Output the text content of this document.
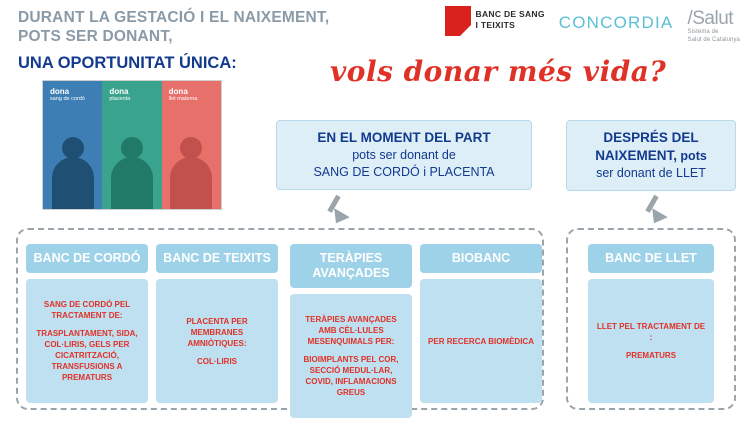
DURANT LA GESTACIÓ I EL NAIXEMENT,
POTS SER DONANT,
UNA OPORTUNITAT ÚNICA:
BANC DE SANG
I TEIXITS	CONCORDIA /Salut
Sistema de
Salut de Catalunya
vols donar més vida?
dona
sang de cordó
dona
placenta
dona
llet materna
EN EL MOMENT DEL PART
pots ser donant de
SANG DE CORDÓ i PLACENTA
DESPRÉS DEL
NAIXEMENT, pots
ser donant de LLET
BANC DE CORDÓ
SANG DE CORDÓ PEL TRACTAMENT DE:
TRASPLANTAMENT, SIDA, COL·LIRIS, GELS PER CICATRITZACIÓ, TRANSFUSIONS A PREMATURS
BANC DE TEIXITS
PLACENTA PER MEMBRANES AMNIÒTIQUES:
COL·LIRIS
TERÀPIES AVANÇADES
TERÀPIES AVANÇADES AMB CÈL·LULES MESENQUIMALS PER:
BIOIMPLANTS PEL COR, SECCIÓ MEDUL·LAR, COVID, INFLAMACIONS GREUS
BIOBANC
PER RECERCA BIOMÈDICA
BANC DE LLET
LLET PEL TRACTAMENT DE :
PREMATURS
